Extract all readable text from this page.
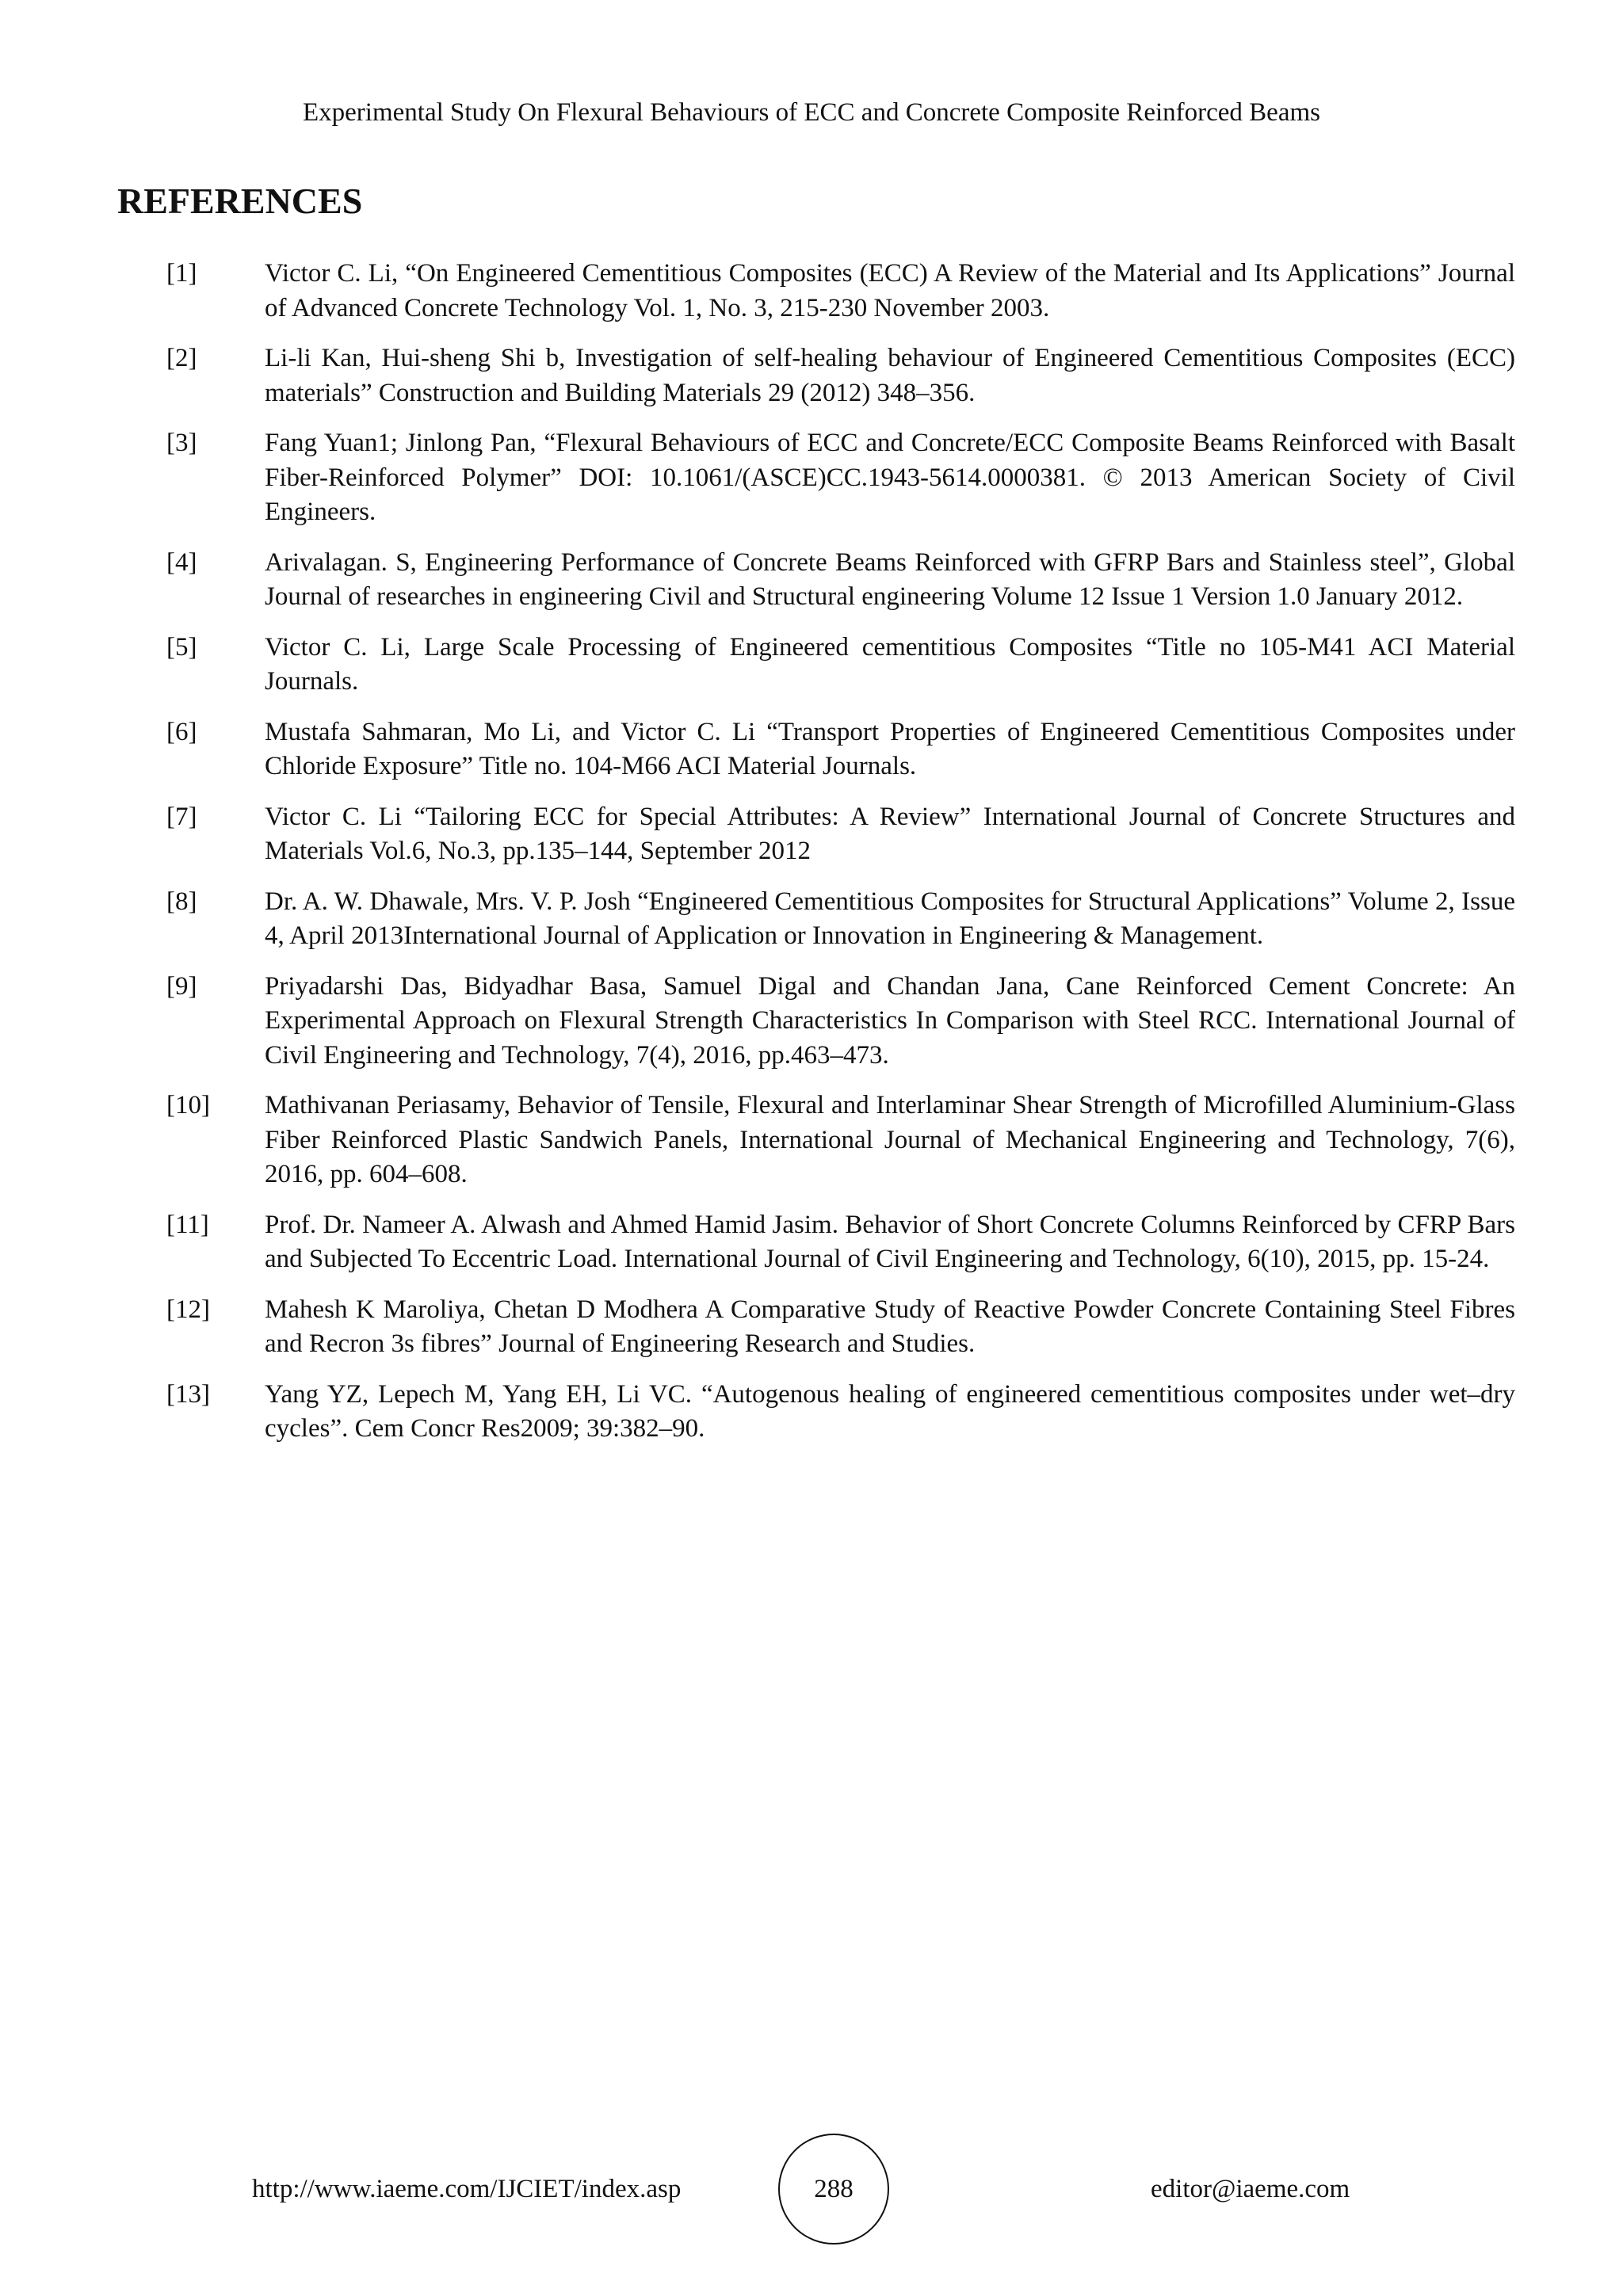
Experimental Study On Flexural Behaviours of ECC and Concrete Composite Reinforced Beams
REFERENCES
[1]	Victor C. Li, “On Engineered Cementitious Composites (ECC) A Review of the Material and Its Applications” Journal of Advanced Concrete Technology Vol. 1, No. 3, 215-230 November 2003.
[2]	Li-li Kan, Hui-sheng Shi b, Investigation of self-healing behaviour of Engineered Cementitious Composites (ECC) materials” Construction and Building Materials 29 (2012) 348–356.
[3]	Fang Yuan1; Jinlong Pan, “Flexural Behaviours of ECC and Concrete/ECC Composite Beams Reinforced with Basalt Fiber-Reinforced Polymer” DOI: 10.1061/(ASCE)CC.1943-5614.0000381. © 2013 American Society of Civil Engineers.
[4]	Arivalagan. S, Engineering Performance of Concrete Beams Reinforced with GFRP Bars and Stainless steel”, Global Journal of researches in engineering Civil and Structural engineering Volume 12 Issue 1 Version 1.0 January 2012.
[5]	Victor C. Li, Large Scale Processing of Engineered cementitious Composites “Title no 105-M41 ACI Material Journals.
[6]	Mustafa Sahmaran, Mo Li, and Victor C. Li “Transport Properties of Engineered Cementitious Composites under Chloride Exposure” Title no. 104-M66 ACI Material Journals.
[7]	Victor C. Li “Tailoring ECC for Special Attributes: A Review” International Journal of Concrete Structures and Materials Vol.6, No.3, pp.135–144, September 2012
[8]	Dr. A. W. Dhawale, Mrs. V. P. Josh “Engineered Cementitious Composites for Structural Applications” Volume 2, Issue 4, April 2013International Journal of Application or Innovation in Engineering & Management.
[9]	Priyadarshi Das, Bidyadhar Basa, Samuel Digal and Chandan Jana, Cane Reinforced Cement Concrete: An Experimental Approach on Flexural Strength Characteristics In Comparison with Steel RCC. International Journal of Civil Engineering and Technology, 7(4), 2016, pp.463–473.
[10]	Mathivanan Periasamy, Behavior of Tensile, Flexural and Interlaminar Shear Strength of Microfilled Aluminium-Glass Fiber Reinforced Plastic Sandwich Panels, International Journal of Mechanical Engineering and Technology, 7(6), 2016, pp. 604–608.
[11]	Prof. Dr. Nameer A. Alwash and Ahmed Hamid Jasim. Behavior of Short Concrete Columns Reinforced by CFRP Bars and Subjected To Eccentric Load. International Journal of Civil Engineering and Technology, 6(10), 2015, pp. 15-24.
[12]	Mahesh K Maroliya, Chetan D Modhera A Comparative Study of Reactive Powder Concrete Containing Steel Fibres and Recron 3s fibres” Journal of Engineering Research and Studies.
[13]	Yang YZ, Lepech M, Yang EH, Li VC. “Autogenous healing of engineered cementitious composites under wet–dry cycles”. Cem Concr Res2009; 39:382–90.
http://www.iaeme.com/IJCIET/index.asp	288	editor@iaeme.com
